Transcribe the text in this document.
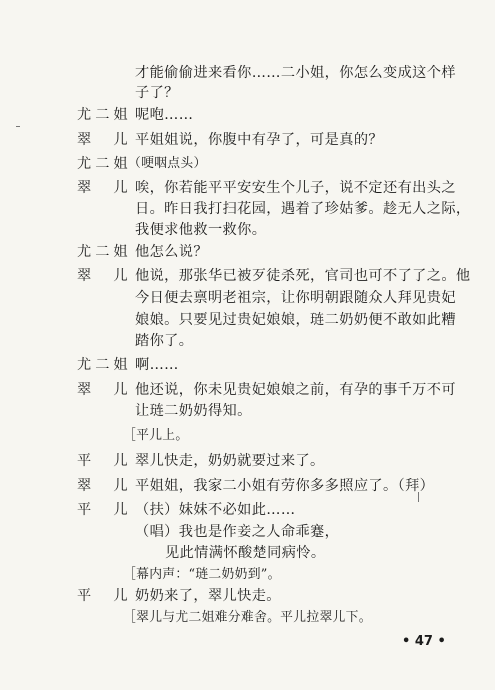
尤二姐
翠　儿
尤二姐
翠　儿
尤二姐
翠　儿
尤二姐
翠　儿
平　儿
翠　儿
平　儿
平　儿
才能偷偷进来看你……二小姐，你怎么变成这个样
子了？
呢咆……
平姐姐说，你腹中有孕了，可是真的？
（哽咽点头）
唉，你若能平平安安生个儿子，说不定还有出头之
日。昨日我打扫花园，遇着了珍姑爹。趁无人之际，
我便求他救一救你。
他怎么说？
他说，那张华已被歹徒杀死，官司也可不了了之。他
今日便去禀明老祖宗，让你明朝跟随众人拜见贵妃
娘娘。只要见过贵妃娘娘，琏二奶奶便不敢如此糟
踏你了。
啊……
他还说，你未见贵妃娘娘之前，有孕的事千万不可
让琏二奶奶得知。
［平儿上。
翠儿快走，奶奶就要过来了。
平姐姐，我家二小姐有劳你多多照应了。（拜）
（扶）妹妹不必如此……
（唱）我也是作妾之人命乖蹇，
见此情满怀酸楚同病怜。
［幕内声：“琏二奶奶到”。
奶奶来了，翠儿快走。
［翠儿与尤二姐难分难舍。平儿拉翠儿下。
• 47 •
